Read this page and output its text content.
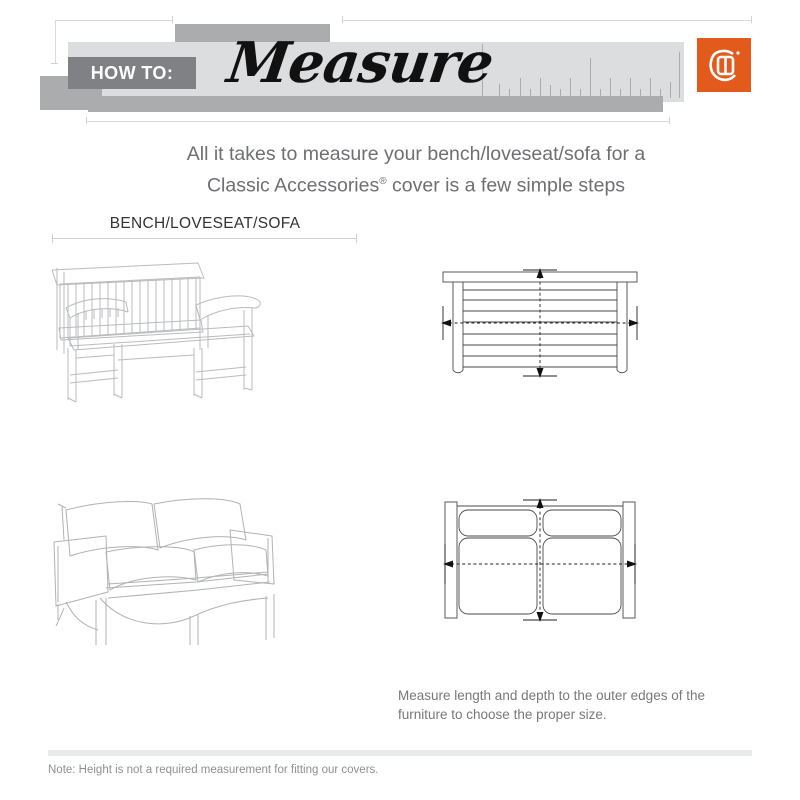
HOW TO: Measure
All it takes to measure your bench/loveseat/sofa for a
Classic Accessories® cover is a few simple steps
BENCH/LOVESEAT/SOFA
Measure length and depth to the outer edges of the
furniture to choose the proper size.
Note: Height is not a required measurement for fitting our covers.
